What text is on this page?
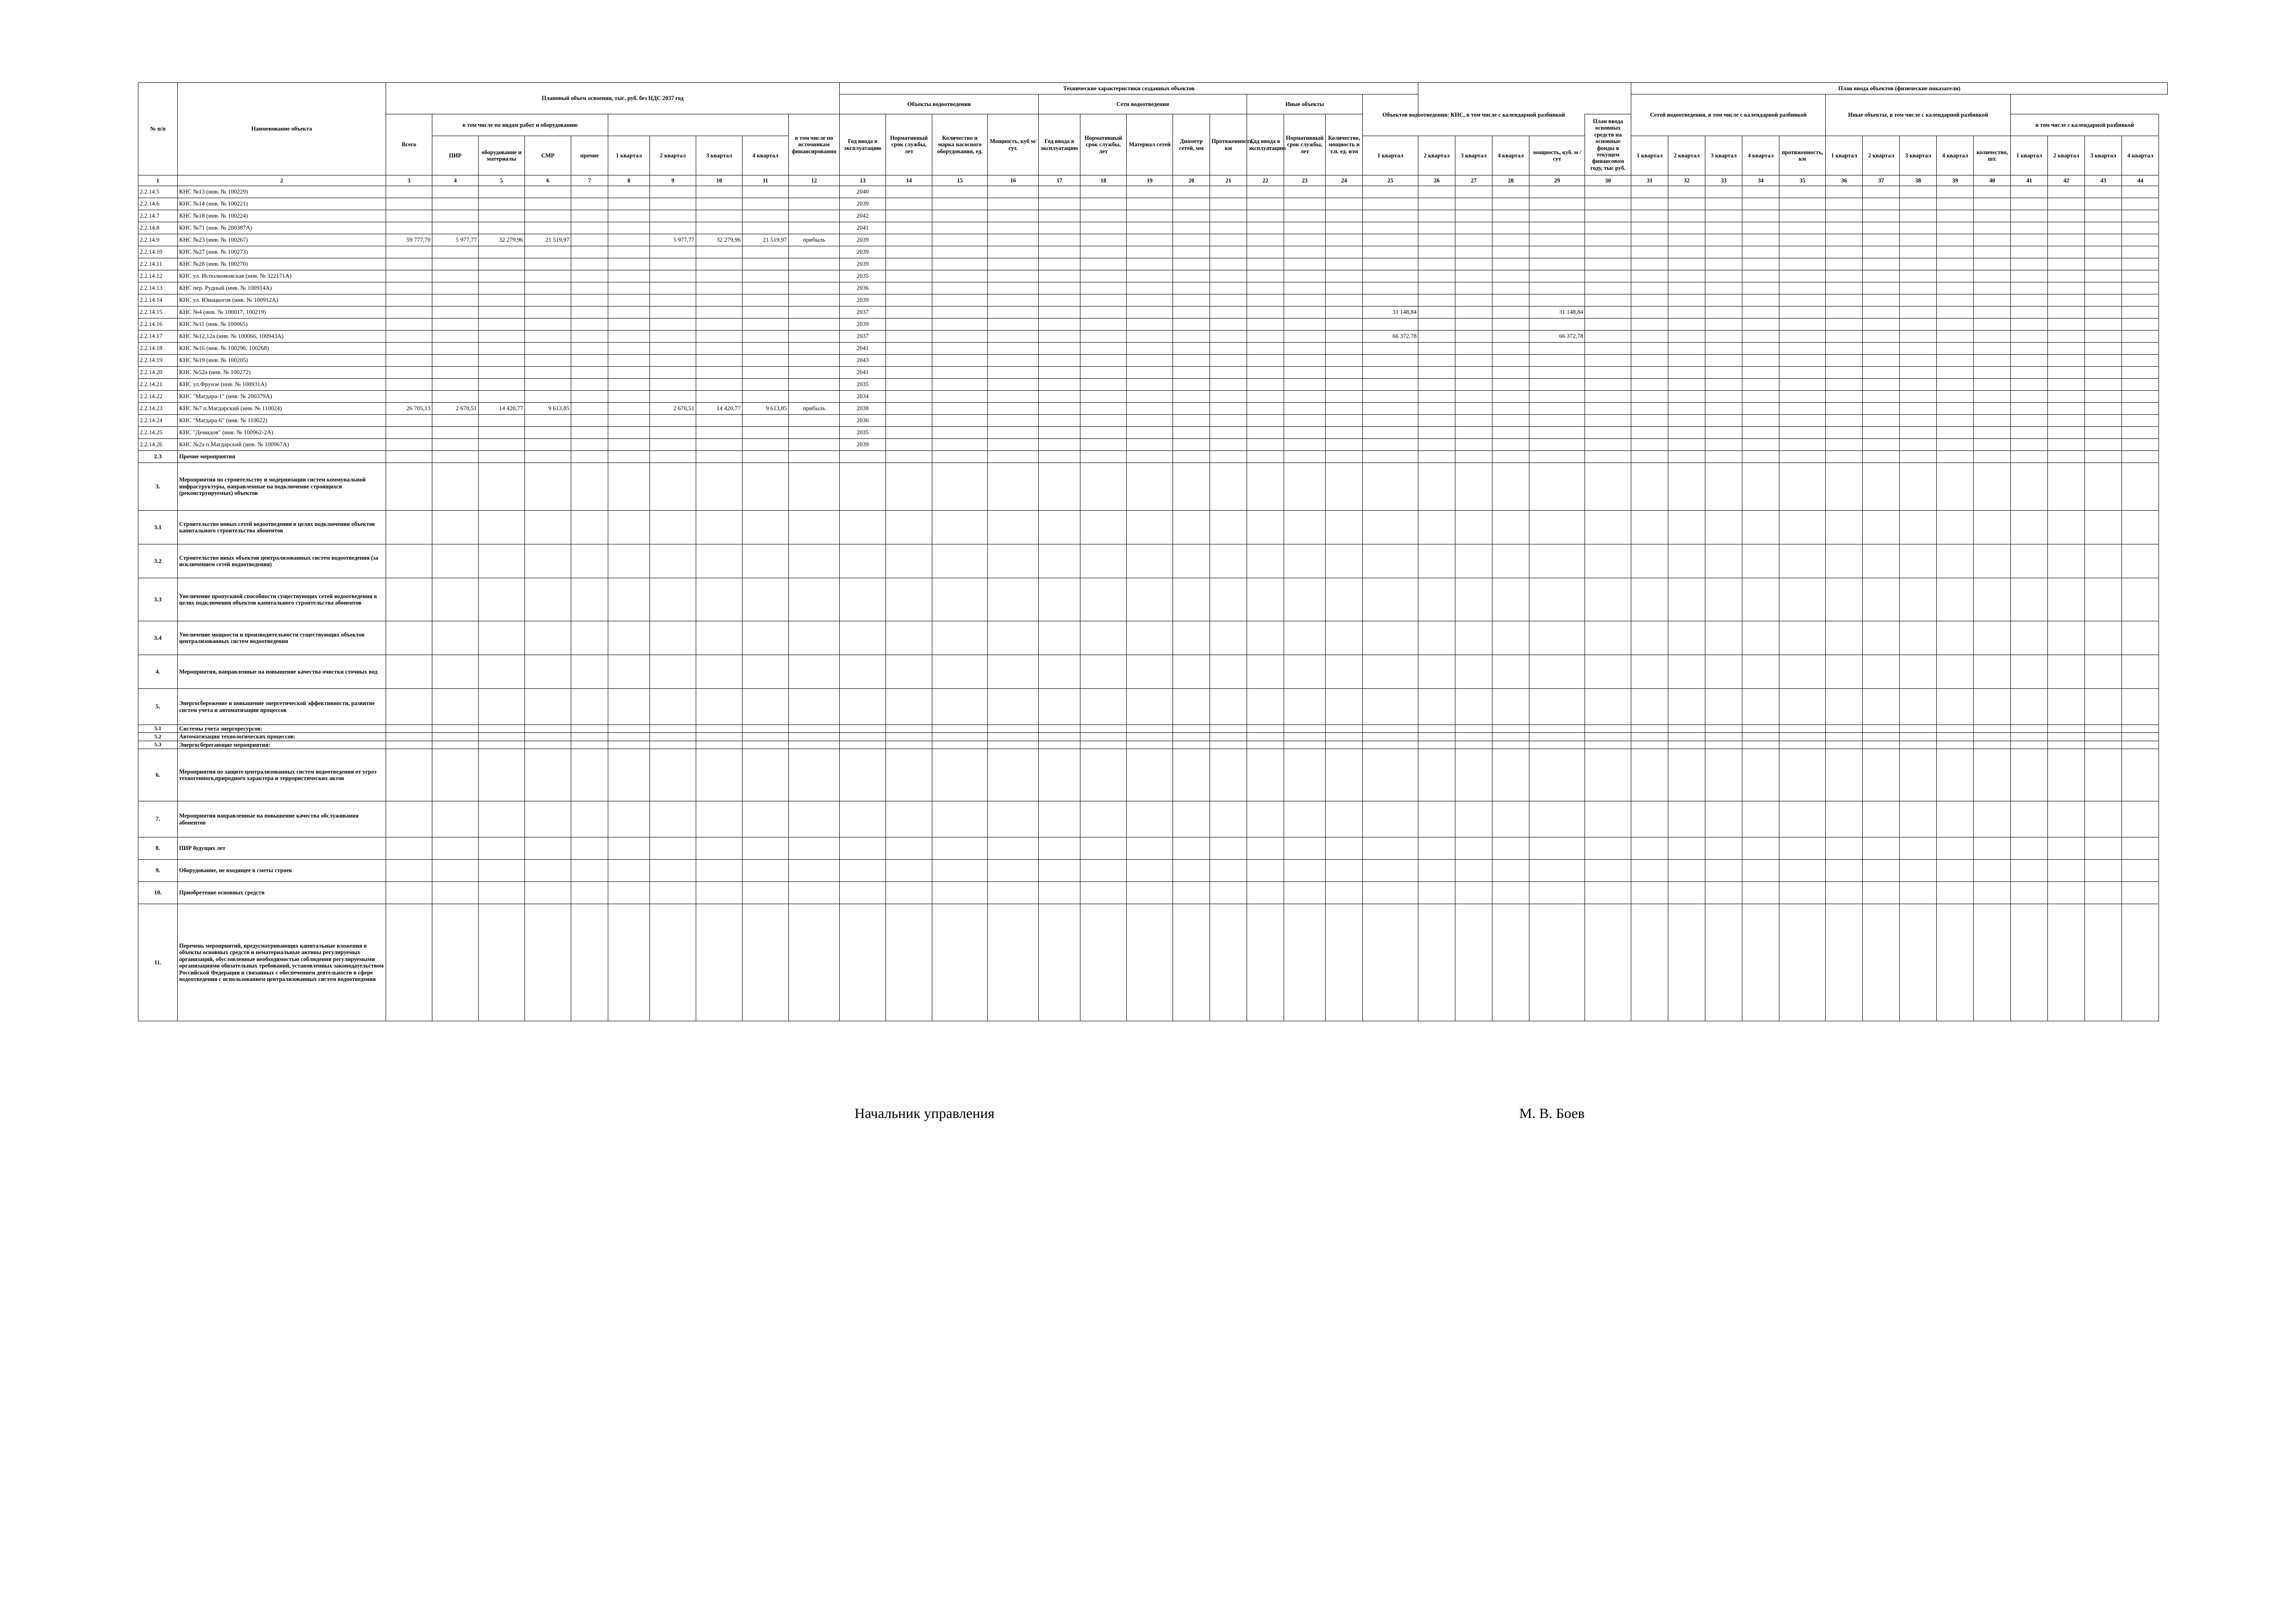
№ п/п	Наименование объекта	Плановый объем освоения, тыс. руб. без НДС 2037 год										Технические характеристики созданных объектов																		План ввода объектов (физические показатели)													
												Объекты водоотведения				Сети водоотведения					Иные объекты			Объектов водоотведения: КНС, в том числе с календарной разбивкой						Сетей водоотведения, в том числе с календарной разбивкой					Иные объекты, в том числе с календарной разбивкой								
		Всего	в том числе по видам работ и оборудованию								в том числе по источникам финансирования	Год ввода в эксплуатацию	Нормативный срок службы, лет	Количество и марка насосного оборудования, ед.	Мощность, куб м/ сут.	Год ввода в эксплуатацию	Нормативный срок службы, лет	Материал сетей	Диаметр сетей, мм	Протяженность, км	Год ввода в эксплуатацию	Нормативный срок службы, лет	Количество, мощность и т.п. ед. изм						План ввода основных средств на основные фонды в текущем финансовом году, тыс руб.											в том числе с календарной разбивкой			
			ПИР	оборудование и материалы	СМР	прочие	1 квартал	2 квартал	3 квартал	4 квартал														1 квартал	2 квартал	3 квартал	4 квартал	мощность, куб. м / сут		1 квартал	2 квартал	3 квартал	4 квартал	протяженность, км	1 квартал	2 квартал	3 квартал	4 квартал	количество, шт.	1 квартал	2 квартал	3 квартал	4 квартал
1	2	3	4	5	6	7	8	9	10	11	12	13	14	15	16	17	18	19	20	21	22	23	24	25	26	27	28	29	30	31	32	33	34	35	36	37	38	39	40	41	42	43	44
2.2.14.5	КНС №13 (инв. № 100229)											2040																															
2.2.14.6	КНС №14 (инв. № 100221)											2039																															
2.2.14.7	КНС №18 (инв. № 100224)											2042																															
2.2.14.8	КНС №71 (инв. № 200387А)											2041																															
2.2.14.9	КНС №23 (инв. № 100267)	59 777,70	5 977,77	32 279,96	21 519,97			5 977,77	32 279,96	21 519,97	прибыль	2039																															
2.2.14.10	КНС №27 (инв. № 100273)											2039																															
2.2.14.11	КНС №28 (инв. № 100270)											2039																															
2.2.14.12	КНС ул. Исполкомовская (инв. № 322171А)											2035																															
2.2.14.13	КНС пер. Рудный (инв. № 100914А)											2036																															
2.2.14.14	КНС ул. Юнацкогоя (инв. № 100912А)											2039																															
2.2.14.15	КНС №4 (инв. № 100017, 100219)											2037												31 148,84				31 148,84															
2.2.14.16	КНС №11 (инв. № 100065)											2039																															
2.2.14.17	КНС №12,12а (инв. № 100066, 100943А)											2037												66 372,78				66 372,78															
2.2.14.18	КНС №16 (инв. № 100296, 100268)											2041																															
2.2.14.19	КНС №19 (инв. № 100205)											2043																															
2.2.14.20	КНС №52а (инв. № 100272)											2041																															
2.2.14.21	КНС ул.Фрунзе (инв. № 100931А)											2035																															
2.2.14.22	КНС "Магдара-1" (инв. № 200379А)											2034																															
2.2.14.23	КНС №7 п.Магдарский (инв. № 110024)	26 705,13	2 670,51	14 420,77	9 613,85			2 670,51	14 420,77	9 613,85	прибыль	2038																															
2.2.14.24	КНС "Магдара-6" (инв. № 110022)											2036																															
2.2.14.25	КНС "Демидов" (инв. № 100962-2А)											2035																															
2.2.14.26	КНС №2а п.Магдарский (инв. № 100967А)											2039																															
2.3	Прочие мероприятия																																										
3.	Мероприятия по строительству и модернизации систем коммунальной инфраструктуры, направленные на подключение строящихся (реконструируемых) объектов																																										
3.1	Строительство новых сетей водоотведения в целях подключения объектов капитального строительства абонентов																																										
3.2	Строительство иных объектов централизованных систем водоотведения (за исключением сетей водоотведения)																																										
3.3	Увеличение пропускной способности существующих сетей водоотведения в целях подключения объектов капитального строительства абонентов																																										
3.4	Увеличение мощности и производительности существующих объектов централизованных систем водоотведения																																										
4.	Мероприятия, направленные на повышение качества очистки сточных вод																																										
5.	Энергосбережение и повышение энергетической эффективности, развитие систем учета и автоматизации процессов																																										
5.1	Системы учета энергоресурсов:																																										
5.2	Автоматизация технологических процессов:																																										
5.3	Энергосберегающие мероприятия:																																										
6.	Мероприятия по защите централизованных систем водоотведения от угроз техногенного,природного характера и террористических актов																																										
7.	Мероприятия направленные на повышение качества обслуживания абонентов																																										
8.	ПИР будущих лет																																										
9.	Оборудование, не входящее в сметы строек																																										
10.	Приобретение основных средств																																										
11.	Перечень мероприятий, предусматривающих капитальные вложения в объекты основных средств и нематериальные активы регулируемых организаций, обусловленные необходимостью соблюдения регулируемыми организациями обязательных требований, установленных законодательством Российской Федерации и связанных с обеспечением деятельности в сфере водоотведения с использованием централизованных систем водоотведения																																										
Начальник управления	М. В. Боев
